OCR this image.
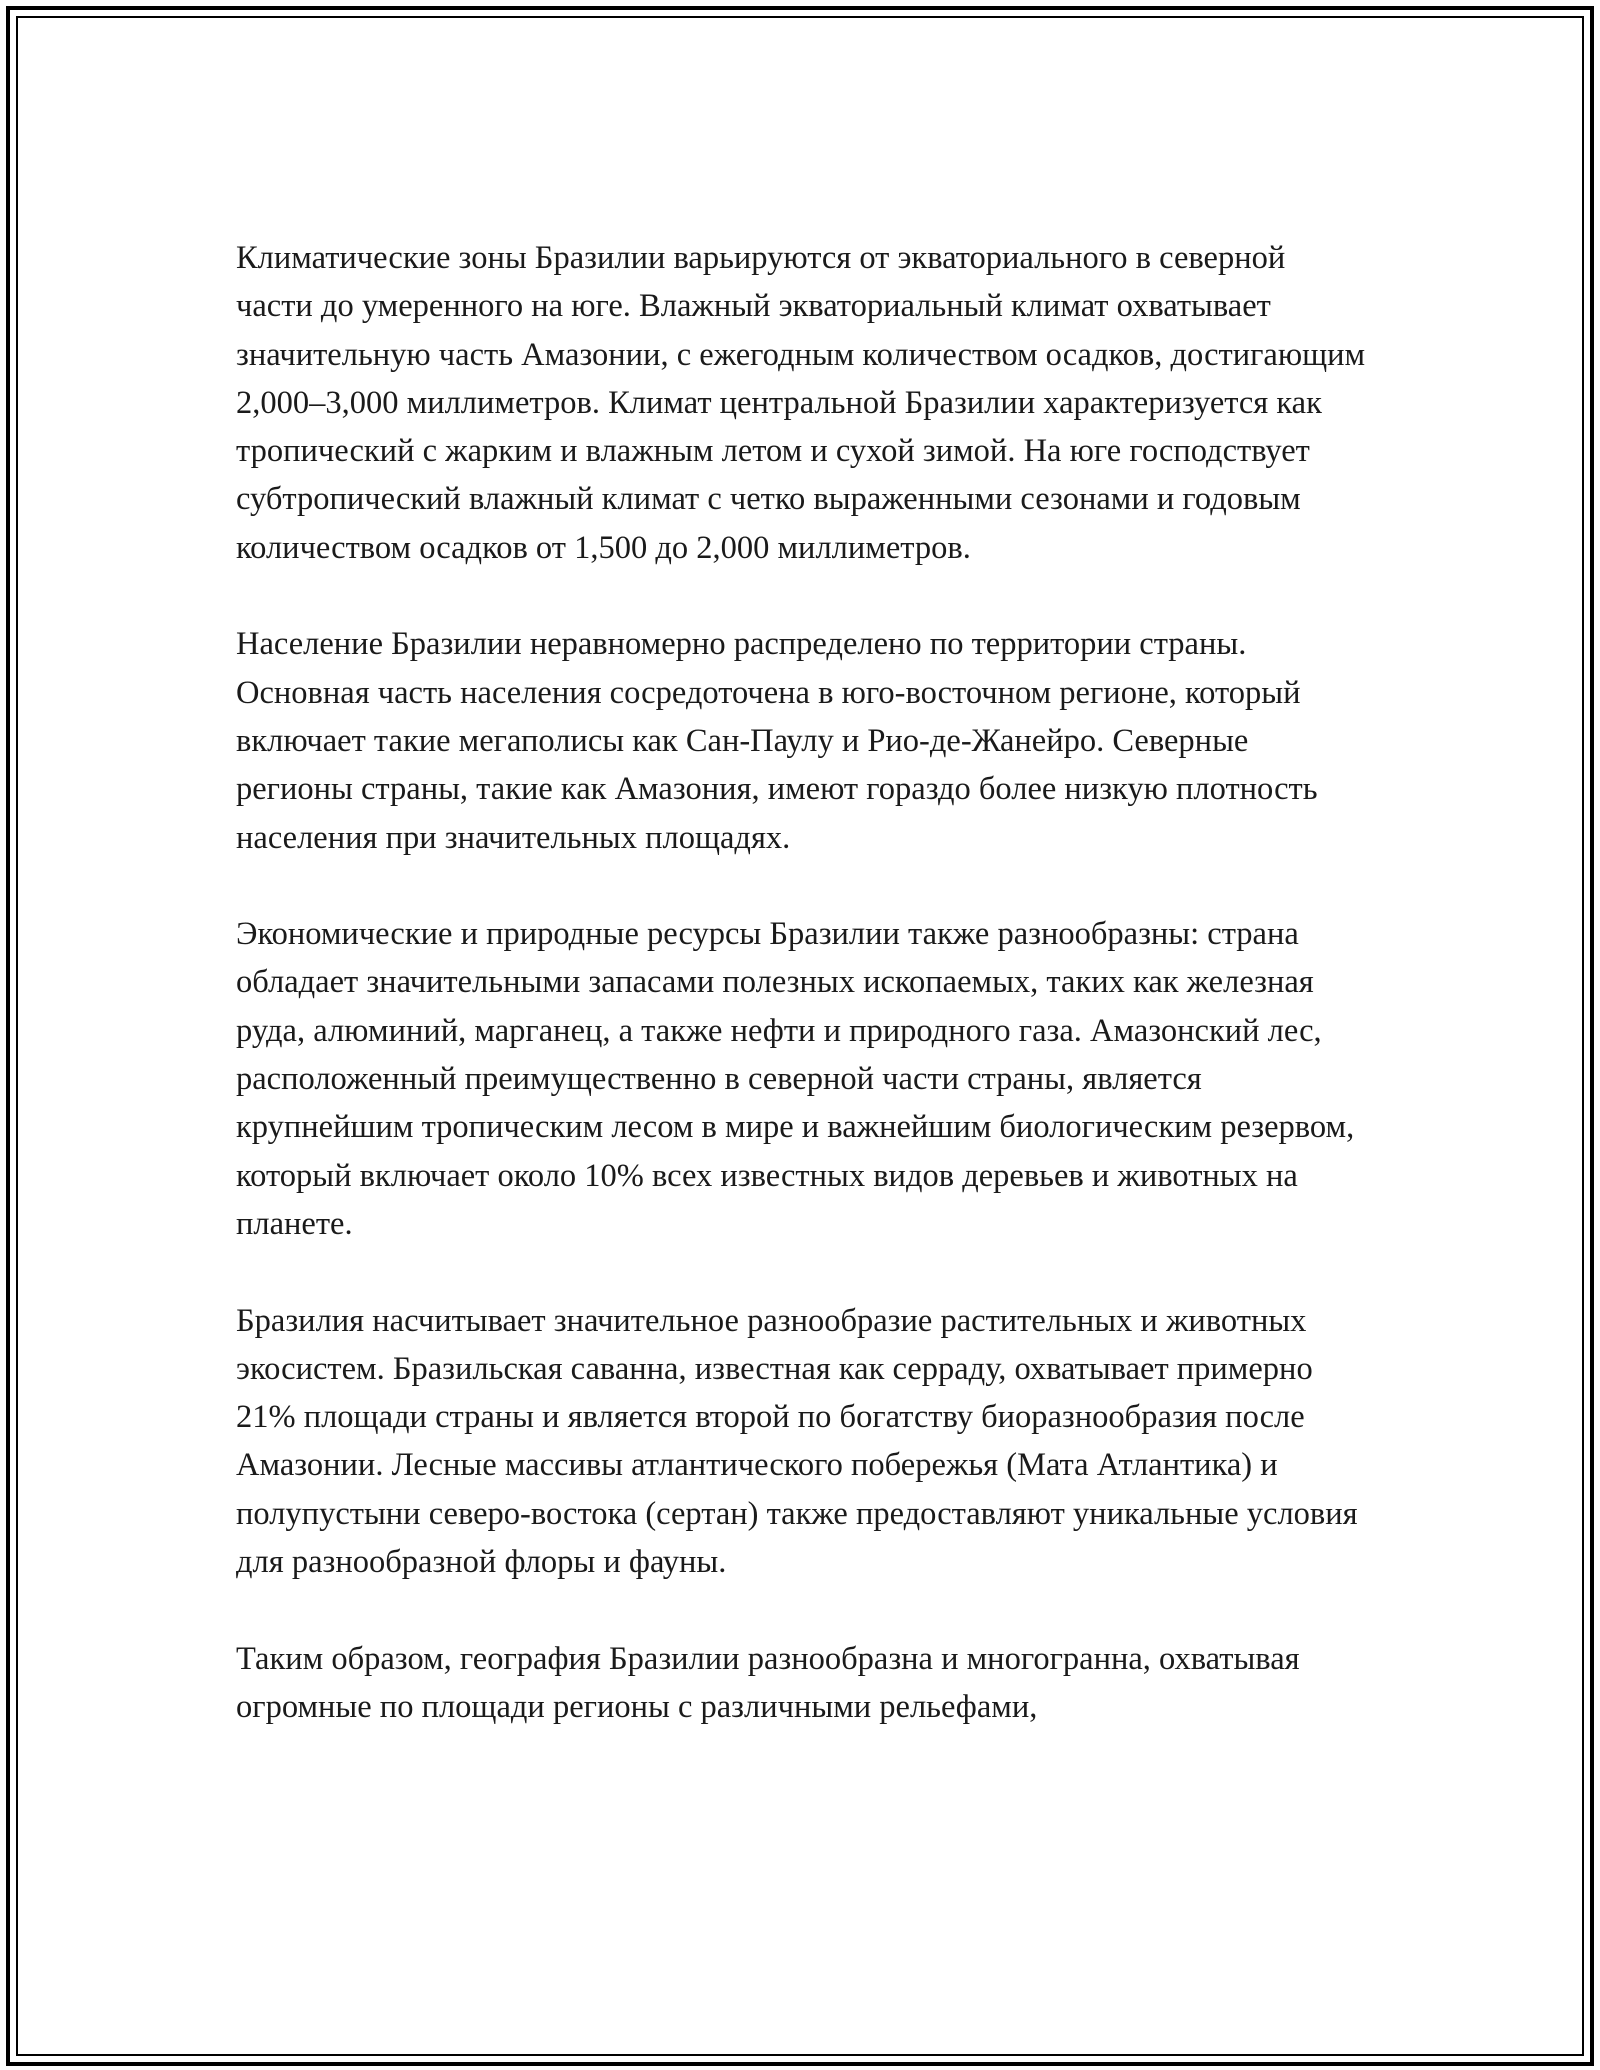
Климатические зоны Бразилии варьируются от экваториального в северной части до умеренного на юге. Влажный экваториальный климат охватывает значительную часть Амазонии, с ежегодным количеством осадков, достигающим 2,000–3,000 миллиметров. Климат центральной Бразилии характеризуется как тропический с жарким и влажным летом и сухой зимой. На юге господствует субтропический влажный климат с четко выраженными сезонами и годовым количеством осадков от 1,500 до 2,000 миллиметров.

Население Бразилии неравномерно распределено по территории страны. Основная часть населения сосредоточена в юго-восточном регионе, который включает такие мегаполисы как Сан-Паулу и Рио-де-Жанейро. Северные регионы страны, такие как Амазония, имеют гораздо более низкую плотность населения при значительных площадях.

Экономические и природные ресурсы Бразилии также разнообразны: страна обладает значительными запасами полезных ископаемых, таких как железная руда, алюминий, марганец, а также нефти и природного газа. Амазонский лес, расположенный преимущественно в северной части страны, является крупнейшим тропическим лесом в мире и важнейшим биологическим резервом, который включает около 10% всех известных видов деревьев и животных на планете.

Бразилия насчитывает значительное разнообразие растительных и животных экосистем. Бразильская саванна, известная как серраду, охватывает примерно 21% площади страны и является второй по богатству биоразнообразия после Амазонии. Лесные массивы атлантического побережья (Мата Атлантика) и полупустыни северо-востока (сертан) также предоставляют уникальные условия для разнообразной флоры и фауны.

Таким образом, география Бразилии разнообразна и многогранна, охватывая огромные по площади регионы с различными рельефами,
